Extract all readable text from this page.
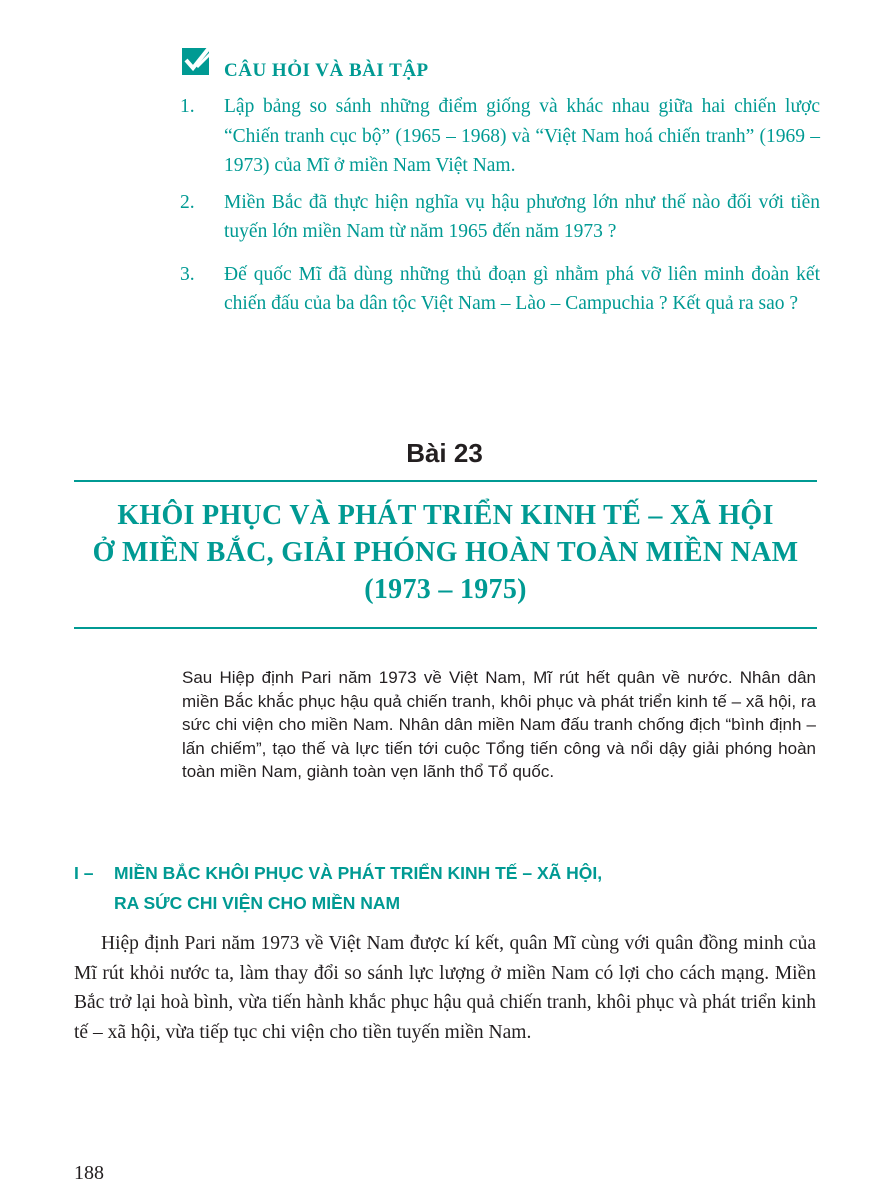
CÂU HỎI VÀ BÀI TẬP
1.	Lập bảng so sánh những điểm giống và khác nhau giữa hai chiến lược “Chiến tranh cục bộ” (1965 – 1968) và “Việt Nam hoá chiến tranh” (1969 – 1973) của Mĩ ở miền Nam Việt Nam.
2.	Miền Bắc đã thực hiện nghĩa vụ hậu phương lớn như thế nào đối với tiền tuyến lớn miền Nam từ năm 1965 đến năm 1973 ?
3.	Đế quốc Mĩ đã dùng những thủ đoạn gì nhằm phá vỡ liên minh đoàn kết chiến đấu của ba dân tộc Việt Nam – Lào – Campuchia ? Kết quả ra sao ?
Bài 23
KHÔI PHỤC VÀ PHÁT TRIỂN KINH TẾ – XÃ HỘI
Ở MIỀN BẮC, GIẢI PHÓNG HOÀN TOÀN MIỀN NAM
(1973 – 1975)
Sau Hiệp định Pari năm 1973 về Việt Nam, Mĩ rút hết quân về nước. Nhân dân miền Bắc khắc phục hậu quả chiến tranh, khôi phục và phát triển kinh tế – xã hội, ra sức chi viện cho miền Nam. Nhân dân miền Nam đấu tranh chống địch “bình định – lấn chiếm”, tạo thế và lực tiến tới cuộc Tổng tiến công và nổi dậy giải phóng hoàn toàn miền Nam, giành toàn vẹn lãnh thổ Tổ quốc.
I –	MIỀN BẮC KHÔI PHỤC VÀ PHÁT TRIỂN KINH TẾ – XÃ HỘI,
RA SỨC CHI VIỆN CHO MIỀN NAM
Hiệp định Pari năm 1973 về Việt Nam được kí kết, quân Mĩ cùng với quân đồng minh của Mĩ rút khỏi nước ta, làm thay đổi so sánh lực lượng ở miền Nam có lợi cho cách mạng. Miền Bắc trở lại hoà bình, vừa tiến hành khắc phục hậu quả chiến tranh, khôi phục và phát triển kinh tế – xã hội, vừa tiếp tục chi viện cho tiền tuyến miền Nam.
188
